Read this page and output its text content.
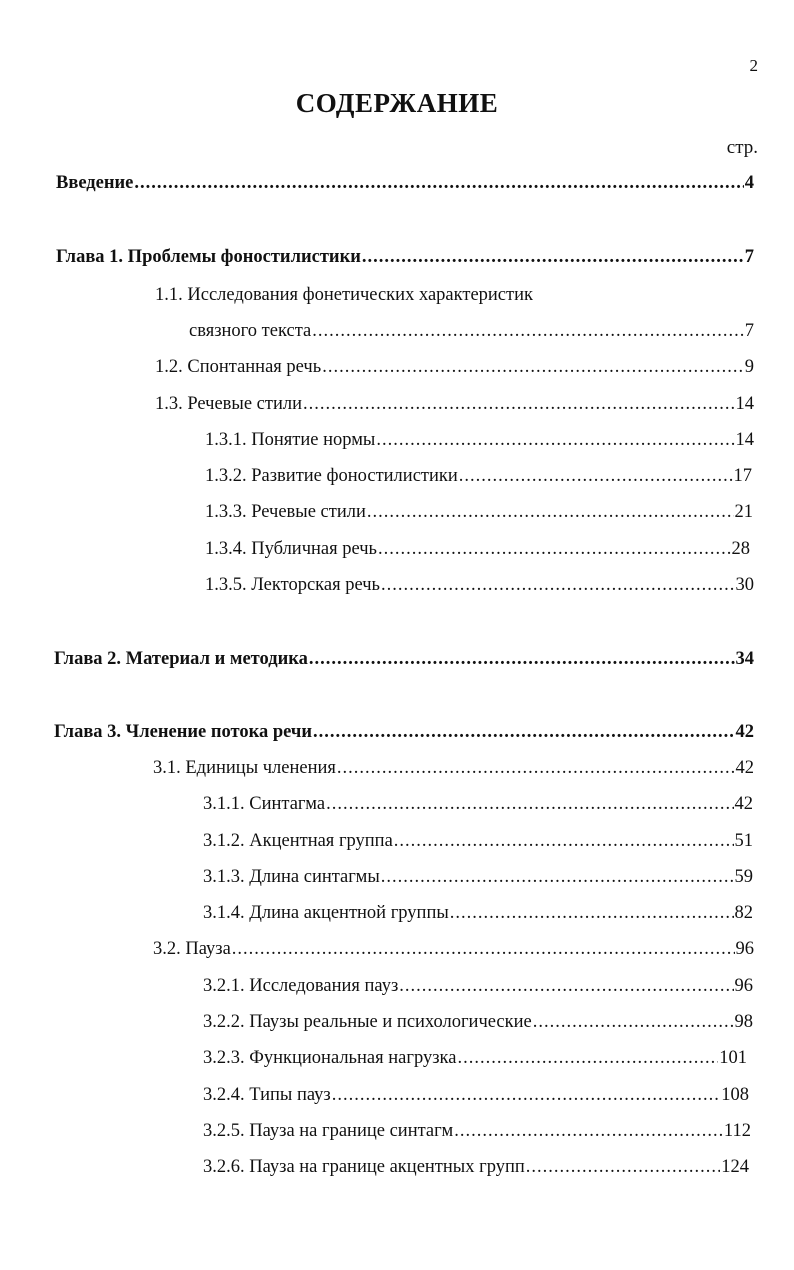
2
СОДЕРЖАНИЕ
стр.
Введение .....	4
Глава 1. Проблемы фоностилистики .....	7
1.1. Исследования фонетических характеристик
связного текста .....	7
1.2. Спонтанная речь .....	9
1.3. Речевые стили .....	14
1.3.1. Понятие нормы .....	14
1.3.2. Развитие фоностилистики .....	17
1.3.3. Речевые стили .....	21
1.3.4. Публичная речь .....	28
1.3.5. Лекторская речь .....	30
Глава 2. Материал и методика .....	34
Глава 3. Членение потока речи .....	42
3.1. Единицы членения .....	42
3.1.1. Синтагма .....	42
3.1.2. Акцентная группа .....	51
3.1.3. Длина синтагмы .....	59
3.1.4. Длина акцентной группы .....	82
3.2. Пауза .....	96
3.2.1. Исследования пауз .....	96
3.2.2. Паузы реальные и психологические .....	98
3.2.3. Функциональная нагрузка .....	101
3.2.4. Типы пауз .....	108
3.2.5. Пауза на границе синтагм .....	112
3.2.6. Пауза на границе акцентных групп .....	124
